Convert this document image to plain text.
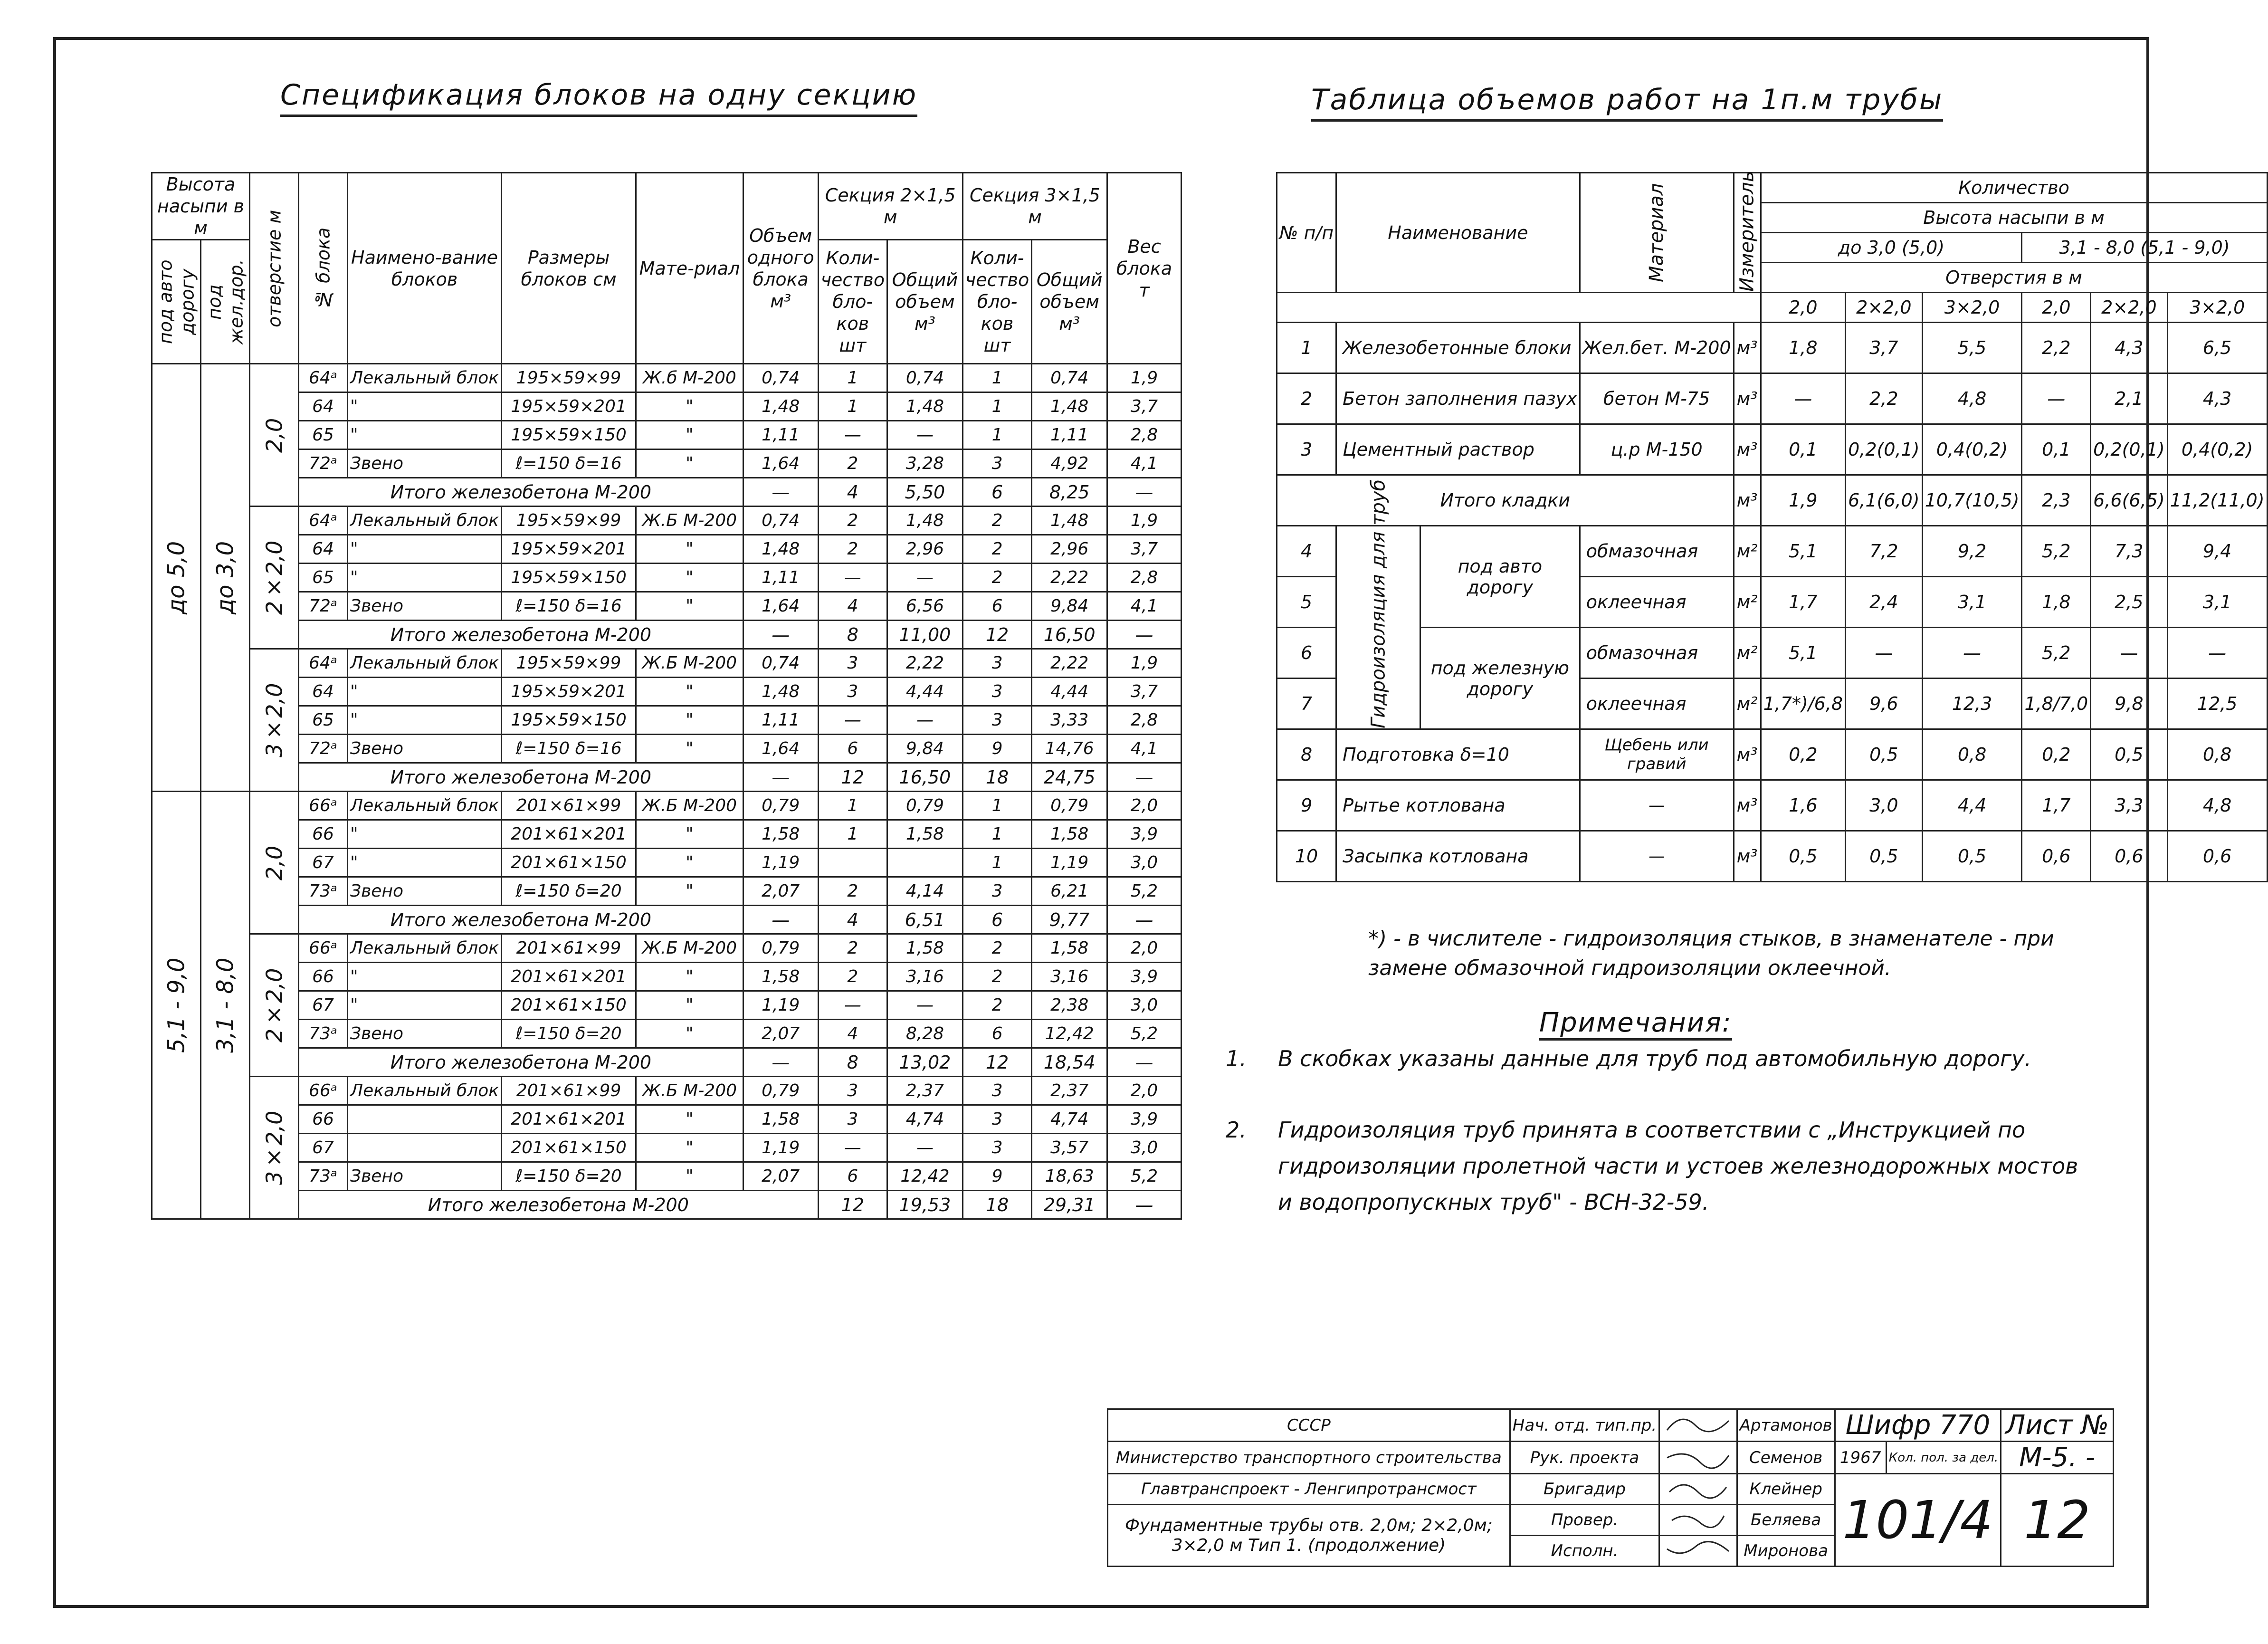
Спецификация блоков на одну секцию
Высота насыпи в м		отверстие м	№ блока	Наимено-вание блоков	Размеры блоков см	Мате-риал	Объем одного блока м³	Секция 2×1,5 м		Секция 3×1,5 м		Вес блока т
под авто дорогу	под жел.дор.							Коли-чество бло-ков шт	Общий объем м³	Коли-чество бло-ков шт	Общий объем м³	
до 5,0	до 3,0	2,0	64ᵃ	Лекальный блок	195×59×99	Ж.б М-200	0,74	1	0,74	1	0,74	1,9
			64	"	195×59×201	"	1,48	1	1,48	1	1,48	3,7
			65	"	195×59×150	"	1,11	—	—	1	1,11	2,8
			72ᵃ	Звено	ℓ=150 δ=16	"	1,64	2	3,28	3	4,92	4,1
			Итого железобетона М-200				—	4	5,50	6	8,25	—
		2×2,0	64ᵃ	Лекальный блок	195×59×99	Ж.Б М-200	0,74	2	1,48	2	1,48	1,9
			64	"	195×59×201	"	1,48	2	2,96	2	2,96	3,7
			65	"	195×59×150	"	1,11	—	—	2	2,22	2,8
			72ᵃ	Звено	ℓ=150 δ=16	"	1,64	4	6,56	6	9,84	4,1
			Итого железобетона М-200				—	8	11,00	12	16,50	—
		3×2,0	64ᵃ	Лекальный блок	195×59×99	Ж.Б М-200	0,74	3	2,22	3	2,22	1,9
			64	"	195×59×201	"	1,48	3	4,44	3	4,44	3,7
			65	"	195×59×150	"	1,11	—	—	3	3,33	2,8
			72ᵃ	Звено	ℓ=150 δ=16	"	1,64	6	9,84	9	14,76	4,1
			Итого железобетона М-200				—	12	16,50	18	24,75	—
5,1 - 9,0	3,1 - 8,0	2,0	66ᵃ	Лекальный блок	201×61×99	Ж.Б М-200	0,79	1	0,79	1	0,79	2,0
			66	"	201×61×201	"	1,58	1	1,58	1	1,58	3,9
			67	"	201×61×150	"	1,19			1	1,19	3,0
			73ᵃ	Звено	ℓ=150 δ=20	"	2,07	2	4,14	3	6,21	5,2
			Итого железобетона М-200				—	4	6,51	6	9,77	—
		2×2,0	66ᵃ	Лекальный блок	201×61×99	Ж.Б М-200	0,79	2	1,58	2	1,58	2,0
			66	"	201×61×201	"	1,58	2	3,16	2	3,16	3,9
			67	"	201×61×150	"	1,19	—	—	2	2,38	3,0
			73ᵃ	Звено	ℓ=150 δ=20	"	2,07	4	8,28	6	12,42	5,2
			Итого железобетона М-200				—	8	13,02	12	18,54	—
		3×2,0	66ᵃ	Лекальный блок	201×61×99	Ж.Б М-200	0,79	3	2,37	3	2,37	2,0
			66		201×61×201	"	1,58	3	4,74	3	4,74	3,9
			67		201×61×150	"	1,19	—	—	3	3,57	3,0
			73ᵃ	Звено	ℓ=150 δ=20	"	2,07	6	12,42	9	18,63	5,2
			Итого железобетона М-200					12	19,53	18	29,31	—
Таблица объемов работ на 1п.м трубы
№ п/п	Наименование		Материал	Измеритель	Количество					
					Высота насыпи в м					
					до 3,0 (5,0)			3,1 - 8,0 (5,1 - 9,0)		
					Отверстия в м					
					2,0	2×2,0	3×2,0	2,0	2×2,0	3×2,0
1	Железобетонные блоки		Жел.бет. М-200	м³	1,8	3,7	5,5	2,2	4,3	6,5
2	Бетон заполнения пазух		бетон М-75	м³	—	2,2	4,8	—	2,1	4,3
3	Цементный раствор		ц.р М-150	м³	0,1	0,2(0,1)	0,4(0,2)	0,1	0,2(0,1)	0,4(0,2)
Итого кладки				м³	1,9	6,1(6,0)	10,7(10,5)	2,3	6,6(6,5)	11,2(11,0)
4	Гидроизоляция для труб	под авто дорогу	обмазочная	м²	5,1	7,2	9,2	5,2	7,3	9,4
5			оклеечная	м²	1,7	2,4	3,1	1,8	2,5	3,1
6		под железную дорогу	обмазочная	м²	5,1	—	—	5,2	—	—
7			оклеечная	м²	1,7*)/6,8	9,6	12,3	1,8/7,0	9,8	12,5
8	Подготовка δ=10		Щебень или гравий	м³	0,2	0,5	0,8	0,2	0,5	0,8
9	Рытье котлована		—	м³	1,6	3,0	4,4	1,7	3,3	4,8
10	Засыпка котлована		—	м³	0,5	0,5	0,5	0,6	0,6	0,6
*) - в числителе - гидроизоляция стыков, в знаменателе - при замене обмазочной гидроизоляции оклеечной.
Примечания:
1. В скобках указаны данные для труб под автомобильную дорогу.
2. Гидроизоляция труб принята в соответствии с „Инструкцией по гидроизоляции пролетной части и устоев железнодорожных мостов и водопропускных труб" - ВСН-32-59.
СССР	Нач. отд. тип.пр.		Артамонов	Шифр 770		Лист №
Министерство транспортного строительства	Рук. проекта		Семенов	1967	Кол. пол. за дел.	М-5. -
Главтранспроект - Ленгипротрансмост	Бригадир		Клейнер	101/4		12
Фундаментные трубы отв. 2,0м; 2×2,0м; 3×2,0 м Тип 1. (продолжение)	Провер.		Беляева			
	Исполн.		Миронова			
